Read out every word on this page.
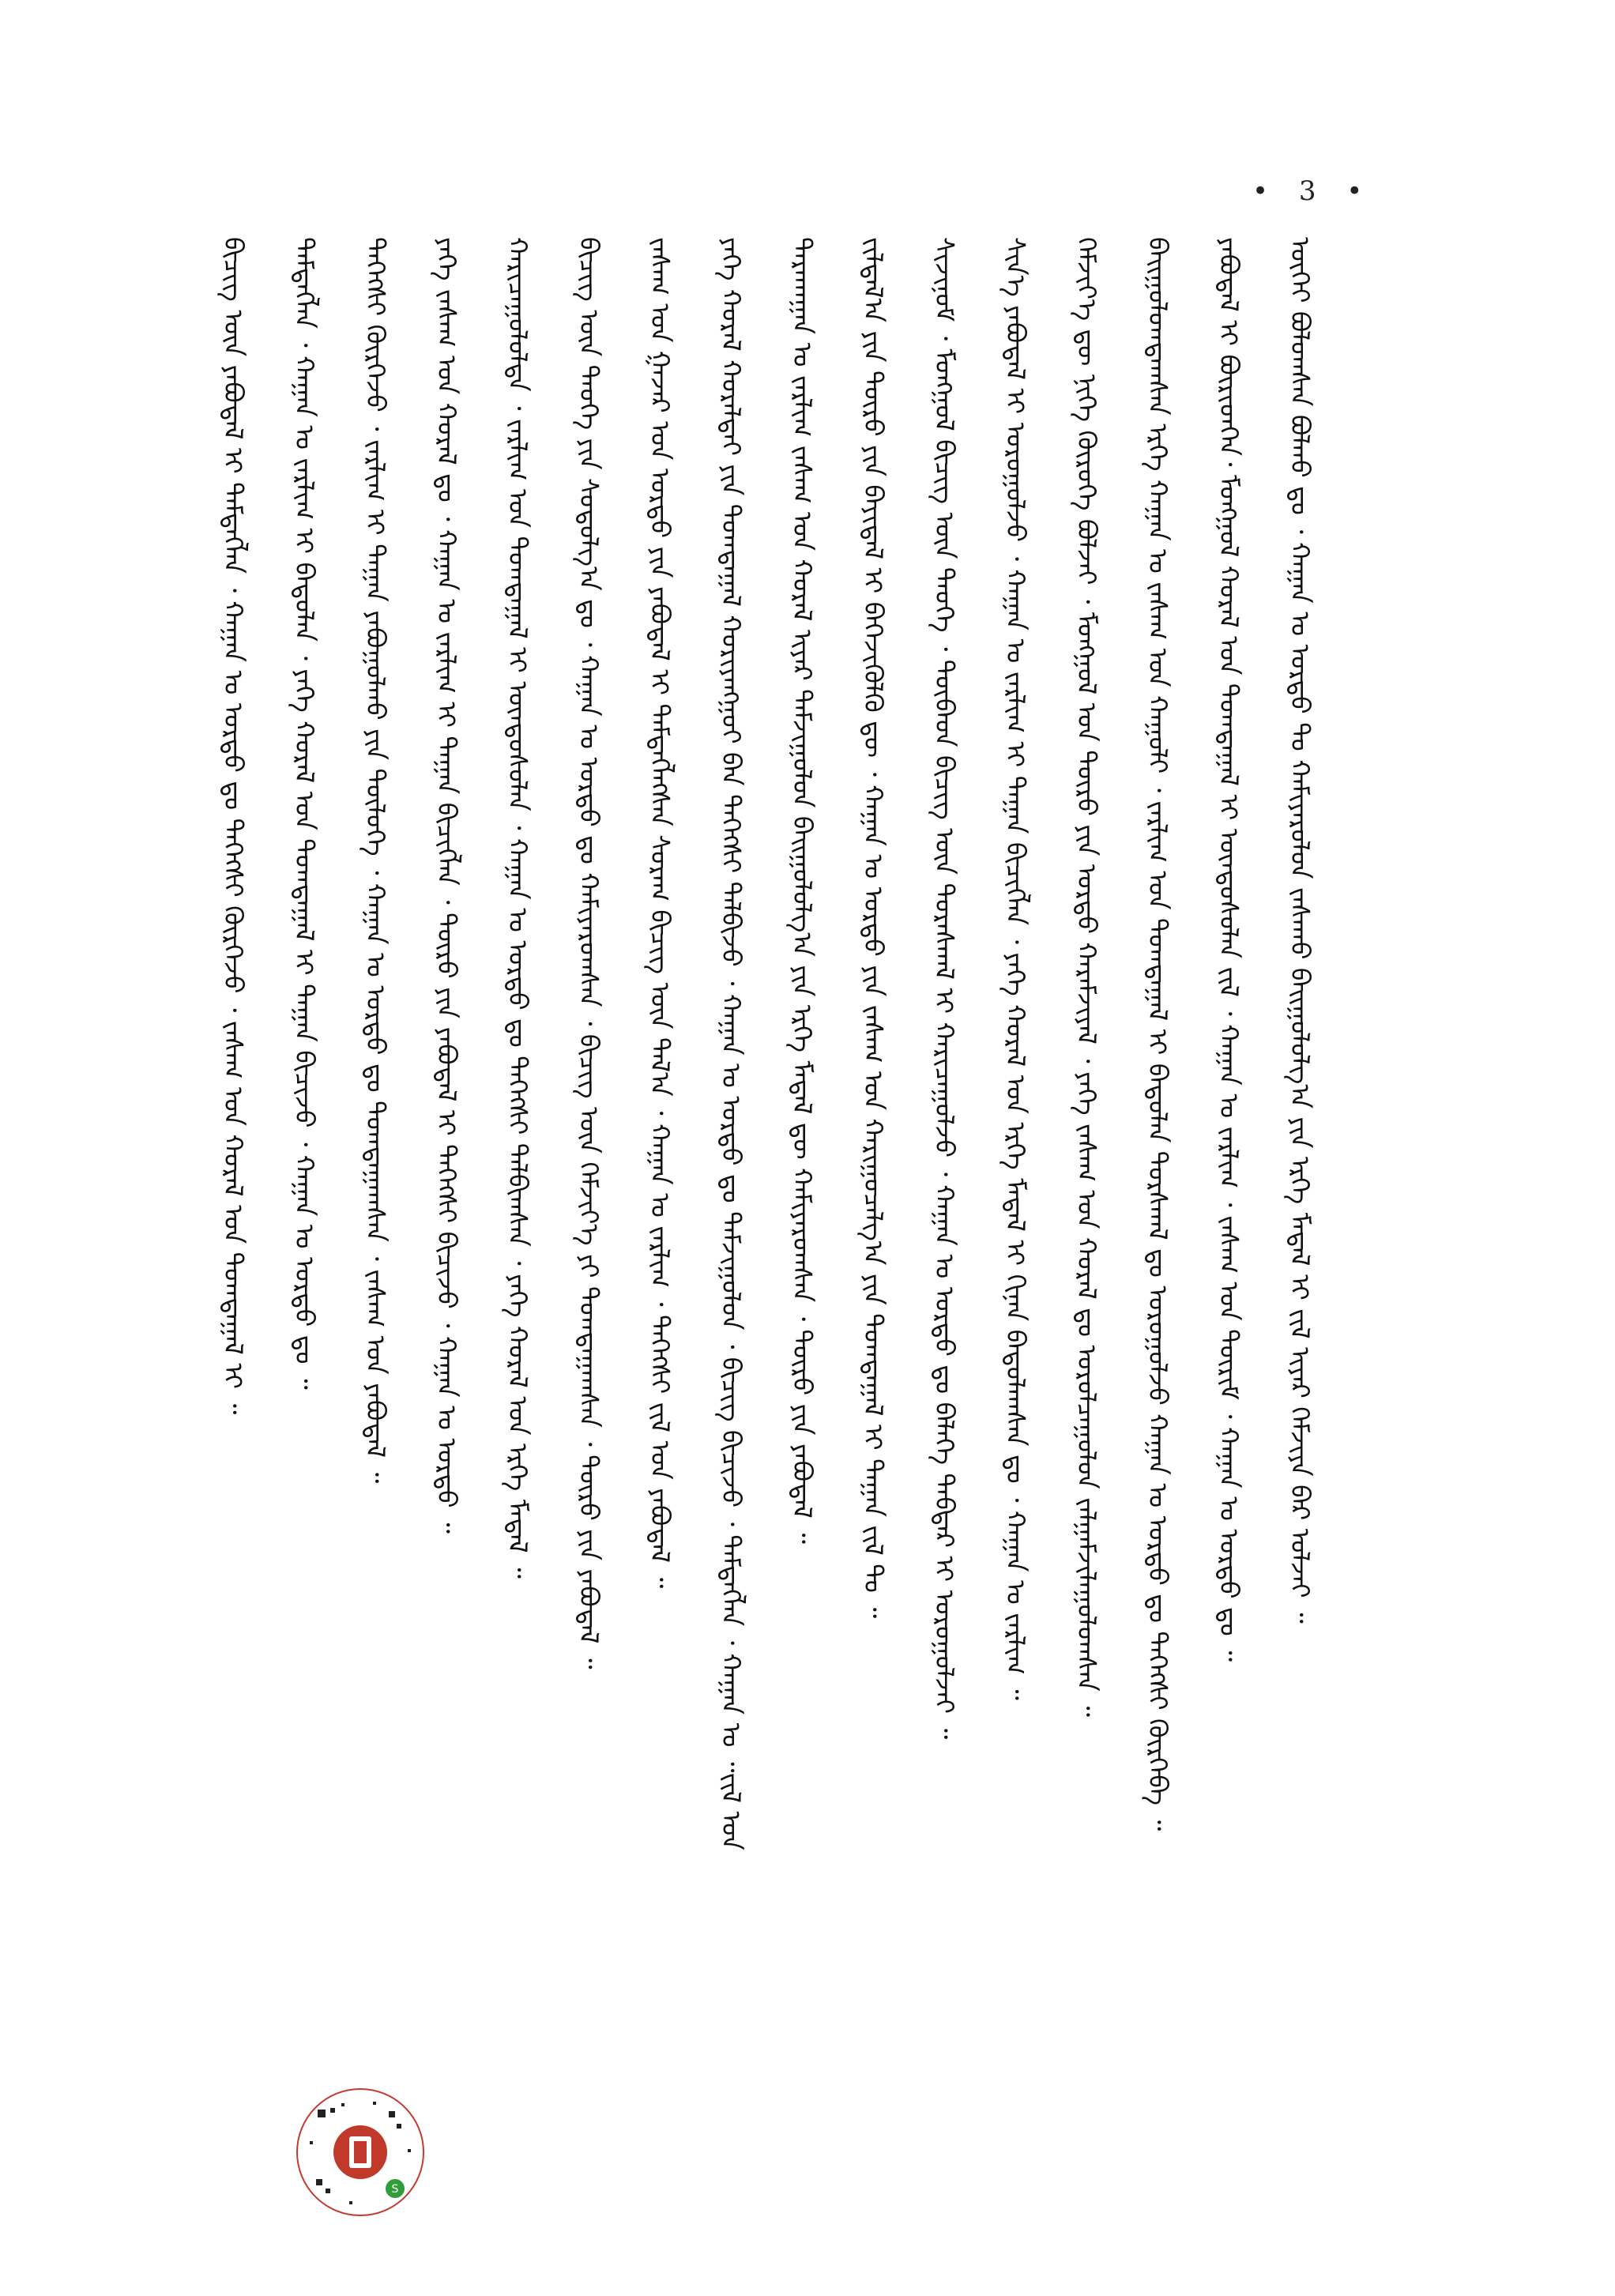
• 3 •
ᠦᠭᠡᠢ ᠪᠣᠯᠣᠭᠰᠠᠨ ᠪᠤᠯᠬᠤ ᠳᠤ ᠂ ᠬᠠᠭᠠᠨ ᠤ ᠣᠷᠳᠤ ᠲᠤ ᠬᠠᠮᠢᠶᠠᠷᠤᠯᠤᠨ ᠵᠠᠰᠠᠬᠤ ᠪᠠᠢᠭᠤᠯᠤᠯᠭ᠎ᠠ ᠶᠢᠨ ᠡᠷᠬᠡ ᠮᠡᠳᠡᠯ ᠢ ᠵᠢᠯ ᠢᠶᠡᠷ ᠬᠡᠮᠵᠢᠶᠡ ᠪᠡᠷ ᠣᠯᠵᠠᠢ ᠃
ᠶᠠᠪᠤᠳᠠᠯ ᠢ ᠪᠦᠷᠢᠳᠬᠡᠨ᠂ ᠮᠣᠩᠭᠣᠯ ᠬᠤᠷᠠᠯ ᠤᠨ ᠲᠣᠭᠲᠠᠭᠠᠯ ᠢ ᠦᠨᠳᠦᠰᠦᠯᠡᠨ ᠵᠢᠯ ᠂ ᠬᠠᠭᠠᠨ ᠤ ᠵᠠᠷᠯᠢᠭ ᠂ ᠵᠠᠰᠠᠭ ᠤᠨ ᠳᠦᠷᠢᠮ ᠂ ᠬᠠᠭᠠᠨ ᠤ ᠣᠷᠳᠤ ᠳᠤ ᠃
ᠪᠠᠢᠭᠤᠯᠤᠭᠳᠠᠭᠰᠠᠨ ᠡᠷᠬᠡ ᠬᠠᠭᠠᠨ ᠤ ᠵᠠᠰᠠᠭ ᠤᠨ ᠬᠠᠭᠤᠯᠢ ᠂ ᠵᠠᠷᠯᠢᠭ ᠤᠨ ᠲᠣᠭᠲᠠᠭᠠᠯ ᠢ ᠪᠠᠲᠤᠯᠠᠨ ᠳᠤᠷᠰᠬᠠᠯ ᠳᠤ ᠣᠷᠣᠭᠤᠯᠵᠤ ᠬᠠᠭᠠᠨ ᠤ ᠣᠷᠳᠤ ᠳᠤ ᠳᠡᠭᠡᠭᠰᠢ ᠬᠦᠷᠭᠡᠪᠡ ᠃
ᠬᠡᠮᠵᠢᠶ᠎ᠡ ᠳᠦ ᠨᠢᠭᠡ ᠬᠦᠷᠦᠭᠡ ᠪᠣᠯᠵᠠᠢ ᠂ ᠮᠣᠩᠭᠣᠯ ᠤᠨ ᠲᠦᠷᠦ ᠶᠢᠨ ᠣᠷᠳᠤ ᠬᠠᠷᠠᠮᠵᠢᠶᠠᠯ ᠂ ᠶᠡᠬᠡ ᠵᠠᠰᠠᠭ ᠤᠨ ᠬᠤᠷᠠᠯ ᠳᠤ ᠣᠷᠣᠯᠴᠠᠭᠤᠯᠤᠨ ᠵᠠᠯᠭᠠᠮᠵᠢᠯᠠᠭᠤᠯᠤᠭᠰᠠᠨ ᠃
ᠰᠢᠨ᠎ᠡ ᠶᠠᠪᠤᠳᠠᠯ ᠢ ᠣᠷᠣᠭᠤᠯᠵᠤ ᠂ ᠬᠠᠭᠠᠨ ᠤ ᠵᠠᠷᠯᠢᠭ ᠢ ᠳᠠᠭᠠᠨ ᠪᠢᠴᠢᠭᠯᠡᠨ ᠂ ᠶᠡᠬᠡ ᠬᠤᠷᠠᠯ ᠤᠨ ᠡᠷᠬᠡ ᠮᠡᠳᠡᠯ ᠢ ᠬᠢᠨᠠᠨ ᠪᠠᠲᠤᠯᠠᠭᠰᠠᠨ ᠳᠤ ᠂ ᠬᠠᠭᠠᠨ ᠤ ᠵᠠᠷᠯᠢᠭ ᠃
ᠰᠢᠵᠢᠨᠣᠮ ᠂ ᠮᠣᠩᠭᠣᠯ ᠪᠢᠴᠢᠭ ᠦᠨ ᠲᠡᠦᠬᠡ ᠂ ᠲᠦᠪᠡᠳ ᠪᠢᠴᠢᠭ ᠦᠨ ᠳᠤᠷᠠᠰᠬᠠᠯ ᠢ ᠬᠠᠷᠢᠴᠠᠭᠤᠯᠵᠤ ᠂ ᠬᠠᠭᠠᠨ ᠤ ᠣᠷᠳᠤ ᠳᠤ ᠪᠡᠯᠡᠭᠡ ᠳᠡᠪᠲᠡᠷ ᠢ ᠣᠷᠣᠭᠤᠯᠵᠠᠢ ᠃
ᠵᠢᠯᠲᠠᠯ᠎ᠠ ᠶᠢᠨ ᠲᠦᠷᠦ ᠶᠢᠨ ᠪᠠᠶᠢᠳᠠᠯ ᠢ ᠪᠡᠬᠡᠵᠢᠭᠦᠯᠬᠦ ᠳᠦ ᠂ ᠬᠠᠭᠠᠨ ᠤ ᠣᠷᠳᠤ ᠶᠢᠨ ᠵᠠᠰᠠᠭ ᠤᠨ ᠬᠠᠷᠢᠭᠤᠴᠠᠯᠭ᠎ᠠ ᠶᠢᠨ ᠲᠣᠭᠲᠠᠭᠠᠯ ᠢ ᠳᠠᠭᠠᠨ ᠵᠢᠯ ᠲᠤ ᠃
ᠲᠡᠷᠡᠬᠠᠭᠠᠨ ᠤ ᠵᠠᠷᠯᠢᠭ ᠵᠠᠰᠠᠭ ᠤᠨ ᠬᠤᠷᠠᠯ ᠢᠶᠠᠷ ᠳᠠᠮᠵᠢᠭᠤᠯᠤᠨ ᠪᠠᠢᠭᠤᠯᠤᠯᠭ᠎ᠠ ᠶᠢᠨ ᠡᠷᠬᠡ ᠮᠡᠳᠡᠯ ᠳᠦ ᠬᠠᠮᠢᠶᠠᠷᠤᠭᠰᠠᠨ ᠂ ᠲᠦᠷᠦ ᠶᠢᠨ ᠶᠠᠪᠤᠳᠠᠯ ᠃
ᠶᠡᠬᠡ ᠬᠤᠷᠠᠯ ᠬᠤᠷᠠᠯᠳᠠᠢ ᠶᠢᠨ ᠲᠣᠭᠲᠠᠭᠠᠯ ᠬᠣᠷᠢᠶᠠᠩᠭᠤᠢ ᠪᠡᠨ ᠳᠡᠭᠡᠭᠰᠢ ᠲᠠᠯᠪᠢᠵᠤ ᠂ ᠬᠠᠭᠠᠨ ᠤ ᠣᠷᠳᠤ ᠳᠤ ᠳᠠᠮᠵᠢᠭᠤᠯᠤᠨ ᠂ ᠪᠢᠴᠢᠭ ᠪᠢᠴᠢᠵᠦ ᠂ ᠲᠡᠮᠳᠡᠭᠯᠡᠨ ᠂ ᠬᠠᠭᠠᠨ ᠤ ᠃ᠵᠢᠯ ᠤᠨ
ᠵᠠᠰᠠᠭ ᠤᠨ ᠭᠠᠵᠠᠷ ᠤᠨ ᠣᠷᠳᠤ ᠶᠢᠨ ᠶᠠᠪᠤᠳᠠᠯ ᠢ ᠲᠡᠮᠳᠡᠭᠯᠡᠭᠰᠡᠨ ᠰᠤᠷᠠᠭ ᠪᠢᠴᠢᠭ ᠦᠨ ᠲᠠᠯ᠎ᠠ ᠂ ᠬᠠᠭᠠᠨ ᠤ ᠵᠠᠷᠯᠢᠭ ᠂ ᠳᠡᠭᠡᠭᠰᠢ ᠵᠢᠯ ᠤᠨ ᠶᠠᠪᠤᠳᠠᠯ ᠃
ᠪᠢᠴᠢᠭ ᠦᠨ ᠲᠡᠦᠬᠡ ᠶᠢᠨ ᠰᠤᠳᠤᠯᠭ᠎ᠠ ᠳᠤ ᠂ ᠬᠠᠭᠠᠨ ᠤ ᠣᠷᠳᠤ ᠳᠤ ᠬᠠᠮᠢᠶᠠᠷᠤᠭᠰᠠᠨ ᠂ ᠪᠢᠴᠢᠭ ᠦᠨ ᠬᠡᠮᠵᠢᠶ᠎ᠡ ᠶᠢ ᠲᠣᠭᠲᠠᠭᠠᠭᠰᠠᠨ ᠂ ᠲᠦᠷᠦ ᠶᠢᠨ ᠶᠠᠪᠤᠳᠠᠯ ᠃
ᠬᠠᠷᠢᠴᠠᠭᠤᠯᠤᠯᠲᠠ ᠂ ᠵᠠᠷᠯᠢᠭ ᠤᠨ ᠲᠣᠭᠲᠠᠭᠠᠯ ᠢ ᠦᠨᠳᠦᠰᠦᠯᠡᠨ ᠂ ᠬᠠᠭᠠᠨ ᠤ ᠣᠷᠳᠤ ᠳᠤ ᠳᠡᠭᠡᠭᠰᠢ ᠲᠠᠯᠪᠢᠭᠰᠠᠨ ᠂ ᠶᠡᠬᠡ ᠬᠤᠷᠠᠯ ᠤᠨ ᠡᠷᠬᠡ ᠮᠡᠳᠡᠯ ᠃
ᠶᠡᠬᠡ ᠵᠠᠰᠠᠭ ᠤᠨ ᠬᠤᠷᠠᠯ ᠳᠤ ᠂ ᠬᠠᠭᠠᠨ ᠤ ᠵᠠᠷᠯᠢᠭ ᠢ ᠳᠠᠭᠠᠨ ᠪᠢᠴᠢᠭᠯᠡᠨ ᠂ ᠲᠦᠷᠦ ᠶᠢᠨ ᠶᠠᠪᠤᠳᠠᠯ ᠢ ᠳᠡᠭᠡᠭᠰᠢ ᠪᠢᠴᠢᠵᠦ ᠂ ᠬᠠᠭᠠᠨ ᠤ ᠣᠷᠳᠤ ᠃
ᠳᠡᠭᠡᠭᠰᠢ ᠬᠦᠷᠭᠡᠵᠦ ᠂ ᠵᠠᠷᠯᠢᠭ ᠢ ᠳᠠᠭᠠᠨ ᠶᠠᠪᠤᠭᠤᠯᠬᠤ ᠶᠢᠨ ᠲᠦᠯᠦᠭᠡ ᠂ ᠬᠠᠭᠠᠨ ᠤ ᠣᠷᠳᠤ ᠳᠤ ᠲᠣᠭᠲᠠᠭᠠᠭᠰᠠᠨ ᠂ ᠵᠠᠰᠠᠭ ᠤᠨ ᠶᠠᠪᠤᠳᠠᠯ ᠃
ᠲᠡᠮᠳᠡᠭᠯᠡᠨ ᠂ ᠬᠠᠭᠠᠨ ᠤ ᠵᠠᠷᠯᠢᠭ ᠢ ᠪᠠᠲᠤᠯᠠᠨ ᠂ ᠶᠡᠬᠡ ᠬᠤᠷᠠᠯ ᠤᠨ ᠲᠣᠭᠲᠠᠭᠠᠯ ᠢ ᠳᠠᠭᠠᠨ ᠪᠢᠴᠢᠵᠦ ᠂ ᠬᠠᠭᠠᠨ ᠤ ᠣᠷᠳᠤ ᠳᠤ ᠃
ᠪᠢᠴᠢᠭ ᠦᠨ ᠶᠠᠪᠤᠳᠠᠯ ᠢ ᠲᠡᠮᠳᠡᠭᠯᠡᠨ ᠂ ᠬᠠᠭᠠᠨ ᠤ ᠣᠷᠳᠤ ᠳᠤ ᠳᠡᠭᠡᠭᠰᠢ ᠬᠦᠷᠭᠡᠵᠦ ᠂ ᠵᠠᠰᠠᠭ ᠤᠨ ᠬᠤᠷᠠᠯ ᠤᠨ ᠲᠣᠭᠲᠠᠭᠠᠯ ᠢ ᠃
S
